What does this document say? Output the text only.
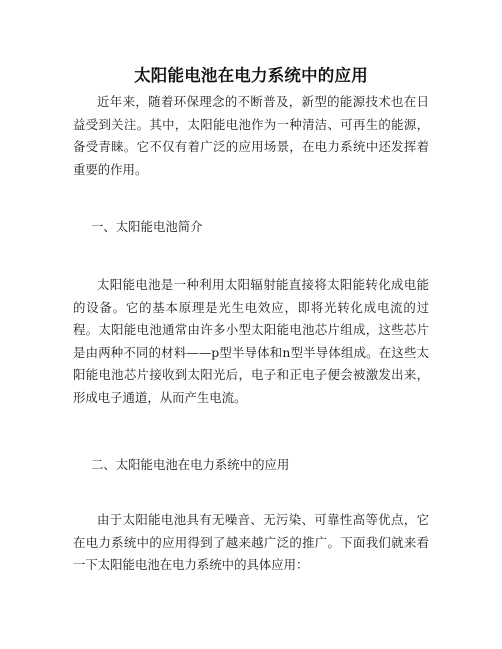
太阳能电池在电力系统中的应用

近年来，随着环保理念的不断普及，新型的能源技术也在日益受到关注。其中，太阳能电池作为一种清洁、可再生的能源，备受青睐。它不仅有着广泛的应用场景，在电力系统中还发挥着重要的作用。

一、太阳能电池简介

太阳能电池是一种利用太阳辐射能直接将太阳能转化成电能的设备。它的基本原理是光生电效应，即将光转化成电流的过程。太阳能电池通常由许多小型太阳能电池芯片组成，这些芯片是由两种不同的材料——p型半导体和n型半导体组成。在这些太阳能电池芯片接收到太阳光后，电子和正电子便会被激发出来，形成电子通道，从而产生电流。

二、太阳能电池在电力系统中的应用

由于太阳能电池具有无噪音、无污染、可靠性高等优点，它在电力系统中的应用得到了越来越广泛的推广。下面我们就来看一下太阳能电池在电力系统中的具体应用：
